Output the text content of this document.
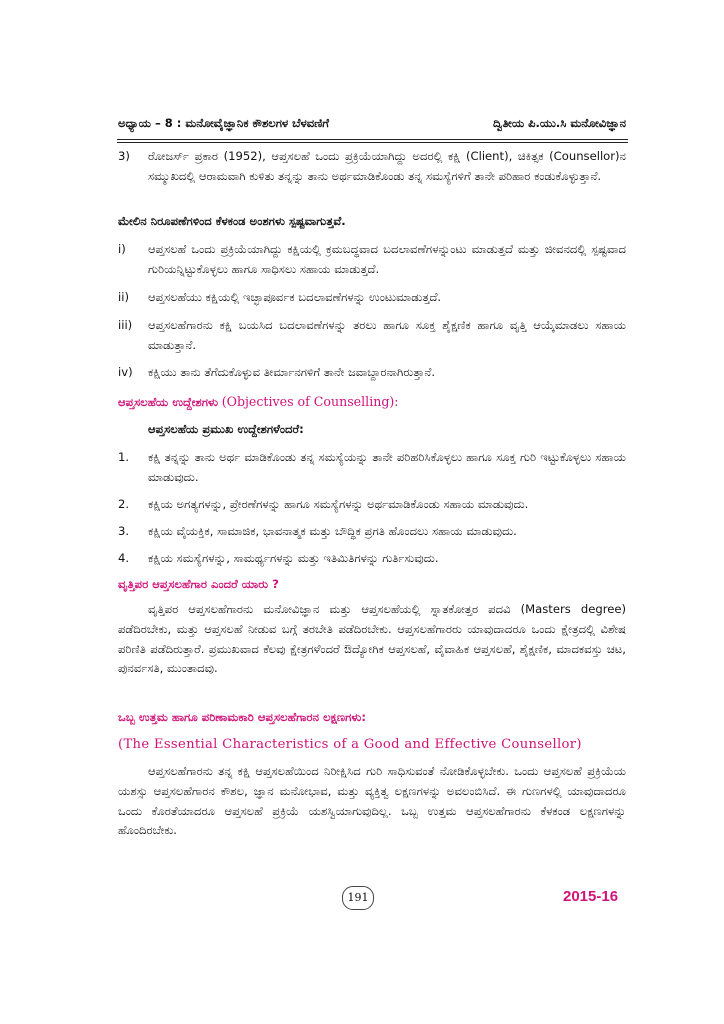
ಅಧ್ಯಾಯ – 8 : ಮನೋವೈಜ್ಞಾನಿಕ ಕೌಶಲಗಳ ಬೆಳವಣಿಗೆ	ದ್ವಿತೀಯ ಪಿ.ಯು.ಸಿ ಮನೋವಿಜ್ಞಾನ
3) ರೋಜರ್ಸ್ ಪ್ರಕಾರ (1952), ಆಪ್ತಸಲಹೆ ಒಂದು ಪ್ರಕ್ರಿಯೆಯಾಗಿದ್ದು ಅದರಲ್ಲಿ ಕಕ್ಷಿ (Client), ಚಿಕಿತ್ಸಕ (Counsellor)ನ ಸಮ್ಮುಖದಲ್ಲಿ ಆರಾಮವಾಗಿ ಕುಳಿತು ತನ್ನನ್ನು ತಾನು ಅರ್ಥಮಾಡಿಕೊಂಡು ತನ್ನ ಸಮಸ್ಯೆಗಳಿಗೆ ತಾನೇ ಪರಿಹಾರ ಕಂಡುಕೊಳ್ಳುತ್ತಾನೆ.
ಮೇಲಿನ ನಿರೂಪಣೆಗಳಿಂದ ಕೆಳಕಂಡ ಅಂಶಗಳು ಸ್ಪಷ್ಟವಾಗುತ್ತವೆ.
i) ಆಪ್ತಸಲಹೆ ಒಂದು ಪ್ರಕ್ರಿಯೆಯಾಗಿದ್ದು ಕಕ್ಷಿಯಲ್ಲಿ ಕ್ರಮಬದ್ಧವಾದ ಬದಲಾವಣೆಗಳನ್ನುಂಟು ಮಾಡುತ್ತದೆ ಮತ್ತು ಜೀವನದಲ್ಲಿ ಸ್ಪಷ್ಟವಾದ ಗುರಿಯನ್ನಿಟ್ಟುಕೊಳ್ಳಲು ಹಾಗೂ ಸಾಧಿಸಲು ಸಹಾಯ ಮಾಡುತ್ತದೆ.
ii) ಆಪ್ತಸಲಹೆಯು ಕಕ್ಷಿಯಲ್ಲಿ ಇಚ್ಛಾಪೂರ್ವಕ ಬದಲಾವಣೆಗಳನ್ನು ಉಂಟುಮಾಡುತ್ತದೆ.
iii) ಆಪ್ತಸಲಹೆಗಾರನು ಕಕ್ಷಿ ಬಯಸಿದ ಬದಲಾವಣೆಗಳನ್ನು ತರಲು ಹಾಗೂ ಸೂಕ್ತ ಶೈಕ್ಷಣಿಕ ಹಾಗೂ ವೃತ್ತಿ ಆಯ್ಕೆಮಾಡಲು ಸಹಾಯ ಮಾಡುತ್ತಾನೆ.
iv) ಕಕ್ಷಿಯು ತಾನು ತೆಗೆದುಕೊಳ್ಳುವ ತೀರ್ಮಾನಗಳಿಗೆ ತಾನೇ ಜವಾಬ್ದಾರನಾಗಿರುತ್ತಾನೆ.
ಆಪ್ತಸಲಹೆಯ ಉದ್ದೇಶಗಳು (Objectives of Counselling):
ಆಪ್ತಸಲಹೆಯ ಪ್ರಮುಖ ಉದ್ದೇಶಗಳೆಂದರೆ:
1. ಕಕ್ಷಿ ತನ್ನನ್ನು ತಾನು ಅರ್ಥ ಮಾಡಿಕೊಂಡು ತನ್ನ ಸಮಸ್ಯೆಯನ್ನು ತಾನೇ ಪರಿಹರಿಸಿಕೊಳ್ಳಲು ಹಾಗೂ ಸೂಕ್ತ ಗುರಿ ಇಟ್ಟುಕೊಳ್ಳಲು ಸಹಾಯ ಮಾಡುವುದು.
2. ಕಕ್ಷಿಯ ಅಗತ್ಯಗಳನ್ನು, ಪ್ರೇರಣೆಗಳನ್ನು ಹಾಗೂ ಸಮಸ್ಯೆಗಳನ್ನು ಅರ್ಥಮಾಡಿಕೊಂಡು ಸಹಾಯ ಮಾಡುವುದು.
3. ಕಕ್ಷಿಯ ವೈಯಕ್ತಿಕ, ಸಾಮಾಜಿಕ, ಭಾವನಾತ್ಮಕ ಮತ್ತು ಬೌದ್ಧಿಕ ಪ್ರಗತಿ ಹೊಂದಲು ಸಹಾಯ ಮಾಡುವುದು.
4. ಕಕ್ಷಿಯ ಸಮಸ್ಯೆಗಳನ್ನು, ಸಾಮರ್ಥ್ಯಗಳನ್ನು ಮತ್ತು ಇತಿಮಿತಿಗಳನ್ನು ಗುರ್ತಿಸುವುದು.
ವೃತ್ತಿಪರ ಆಪ್ತಸಲಹೆಗಾರ ಎಂದರೆ ಯಾರು ?
ವೃತ್ತಿಪರ ಆಪ್ತಸಲಹೆಗಾರನು ಮನೋವಿಜ್ಞಾನ ಮತ್ತು ಆಪ್ತಸಲಹೆಯಲ್ಲಿ ಸ್ನಾತಕೋತ್ತರ ಪದವಿ (Masters degree) ಪಡೆದಿರಬೇಕು, ಮತ್ತು ಆಪ್ತಸಲಹೆ ನೀಡುವ ಬಗ್ಗೆ ತರಬೇತಿ ಪಡೆದಿರಬೇಕು. ಆಪ್ತಸಲಹೆಗಾರರು ಯಾವುದಾದರೂ ಒಂದು ಕ್ಷೇತ್ರದಲ್ಲಿ ವಿಶೇಷ ಪರಿಣಿತಿ ಪಡೆದಿರುತ್ತಾರೆ. ಪ್ರಮುಖವಾದ ಕೆಲವು ಕ್ಷೇತ್ರಗಳೆಂದರೆ ಔದ್ಯೋಗಿಕ ಆಪ್ತಸಲಹೆ, ವೈವಾಹಿಕ ಆಪ್ತಸಲಹೆ, ಶೈಕ್ಷಣಿಕ, ಮಾದಕವಸ್ತು ಚಟ, ಪುನರ್ವಸತಿ, ಮುಂತಾದವು.
ಒಬ್ಬ ಉತ್ತಮ ಹಾಗೂ ಪರಿಣಾಮಕಾರಿ ಆಪ್ತಸಲಹೆಗಾರನ ಲಕ್ಷಣಗಳು:
(The Essential Characteristics of a Good and Effective Counsellor)
ಆಪ್ತಸಲಹೆಗಾರನು ತನ್ನ ಕಕ್ಷಿ ಆಪ್ತಸಲಹೆಯಿಂದ ನಿರೀಕ್ಷಿಸಿದ ಗುರಿ ಸಾಧಿಸುವಂತೆ ನೋಡಿಕೊಳ್ಳಬೇಕು. ಒಂದು ಆಪ್ತಸಲಹೆ ಪ್ರಕ್ರಿಯೆಯ ಯಶಸ್ಸು ಆಪ್ತಸಲಹೆಗಾರನ ಕೌಶಲ, ಜ್ಞಾನ ಮನೋಭಾವ, ಮತ್ತು ವ್ಯಕ್ತಿತ್ವ ಲಕ್ಷಣಗಳನ್ನು ಅವಲಂಬಿಸಿದೆ. ಈ ಗುಣಗಳಲ್ಲಿ ಯಾವುದಾದರೂ ಒಂದು ಕೊರತೆಯಾದರೂ ಆಪ್ತಸಲಹೆ ಪ್ರಕ್ರಿಯೆ ಯಶಸ್ವಿಯಾಗುವುದಿಲ್ಲ. ಒಬ್ಬ ಉತ್ತಮ ಆಪ್ತಸಲಹೆಗಾರನು ಕೆಳಕಂಡ ಲಕ್ಷಣಗಳನ್ನು ಹೊಂದಿರಬೇಕು.
191	2015-16
